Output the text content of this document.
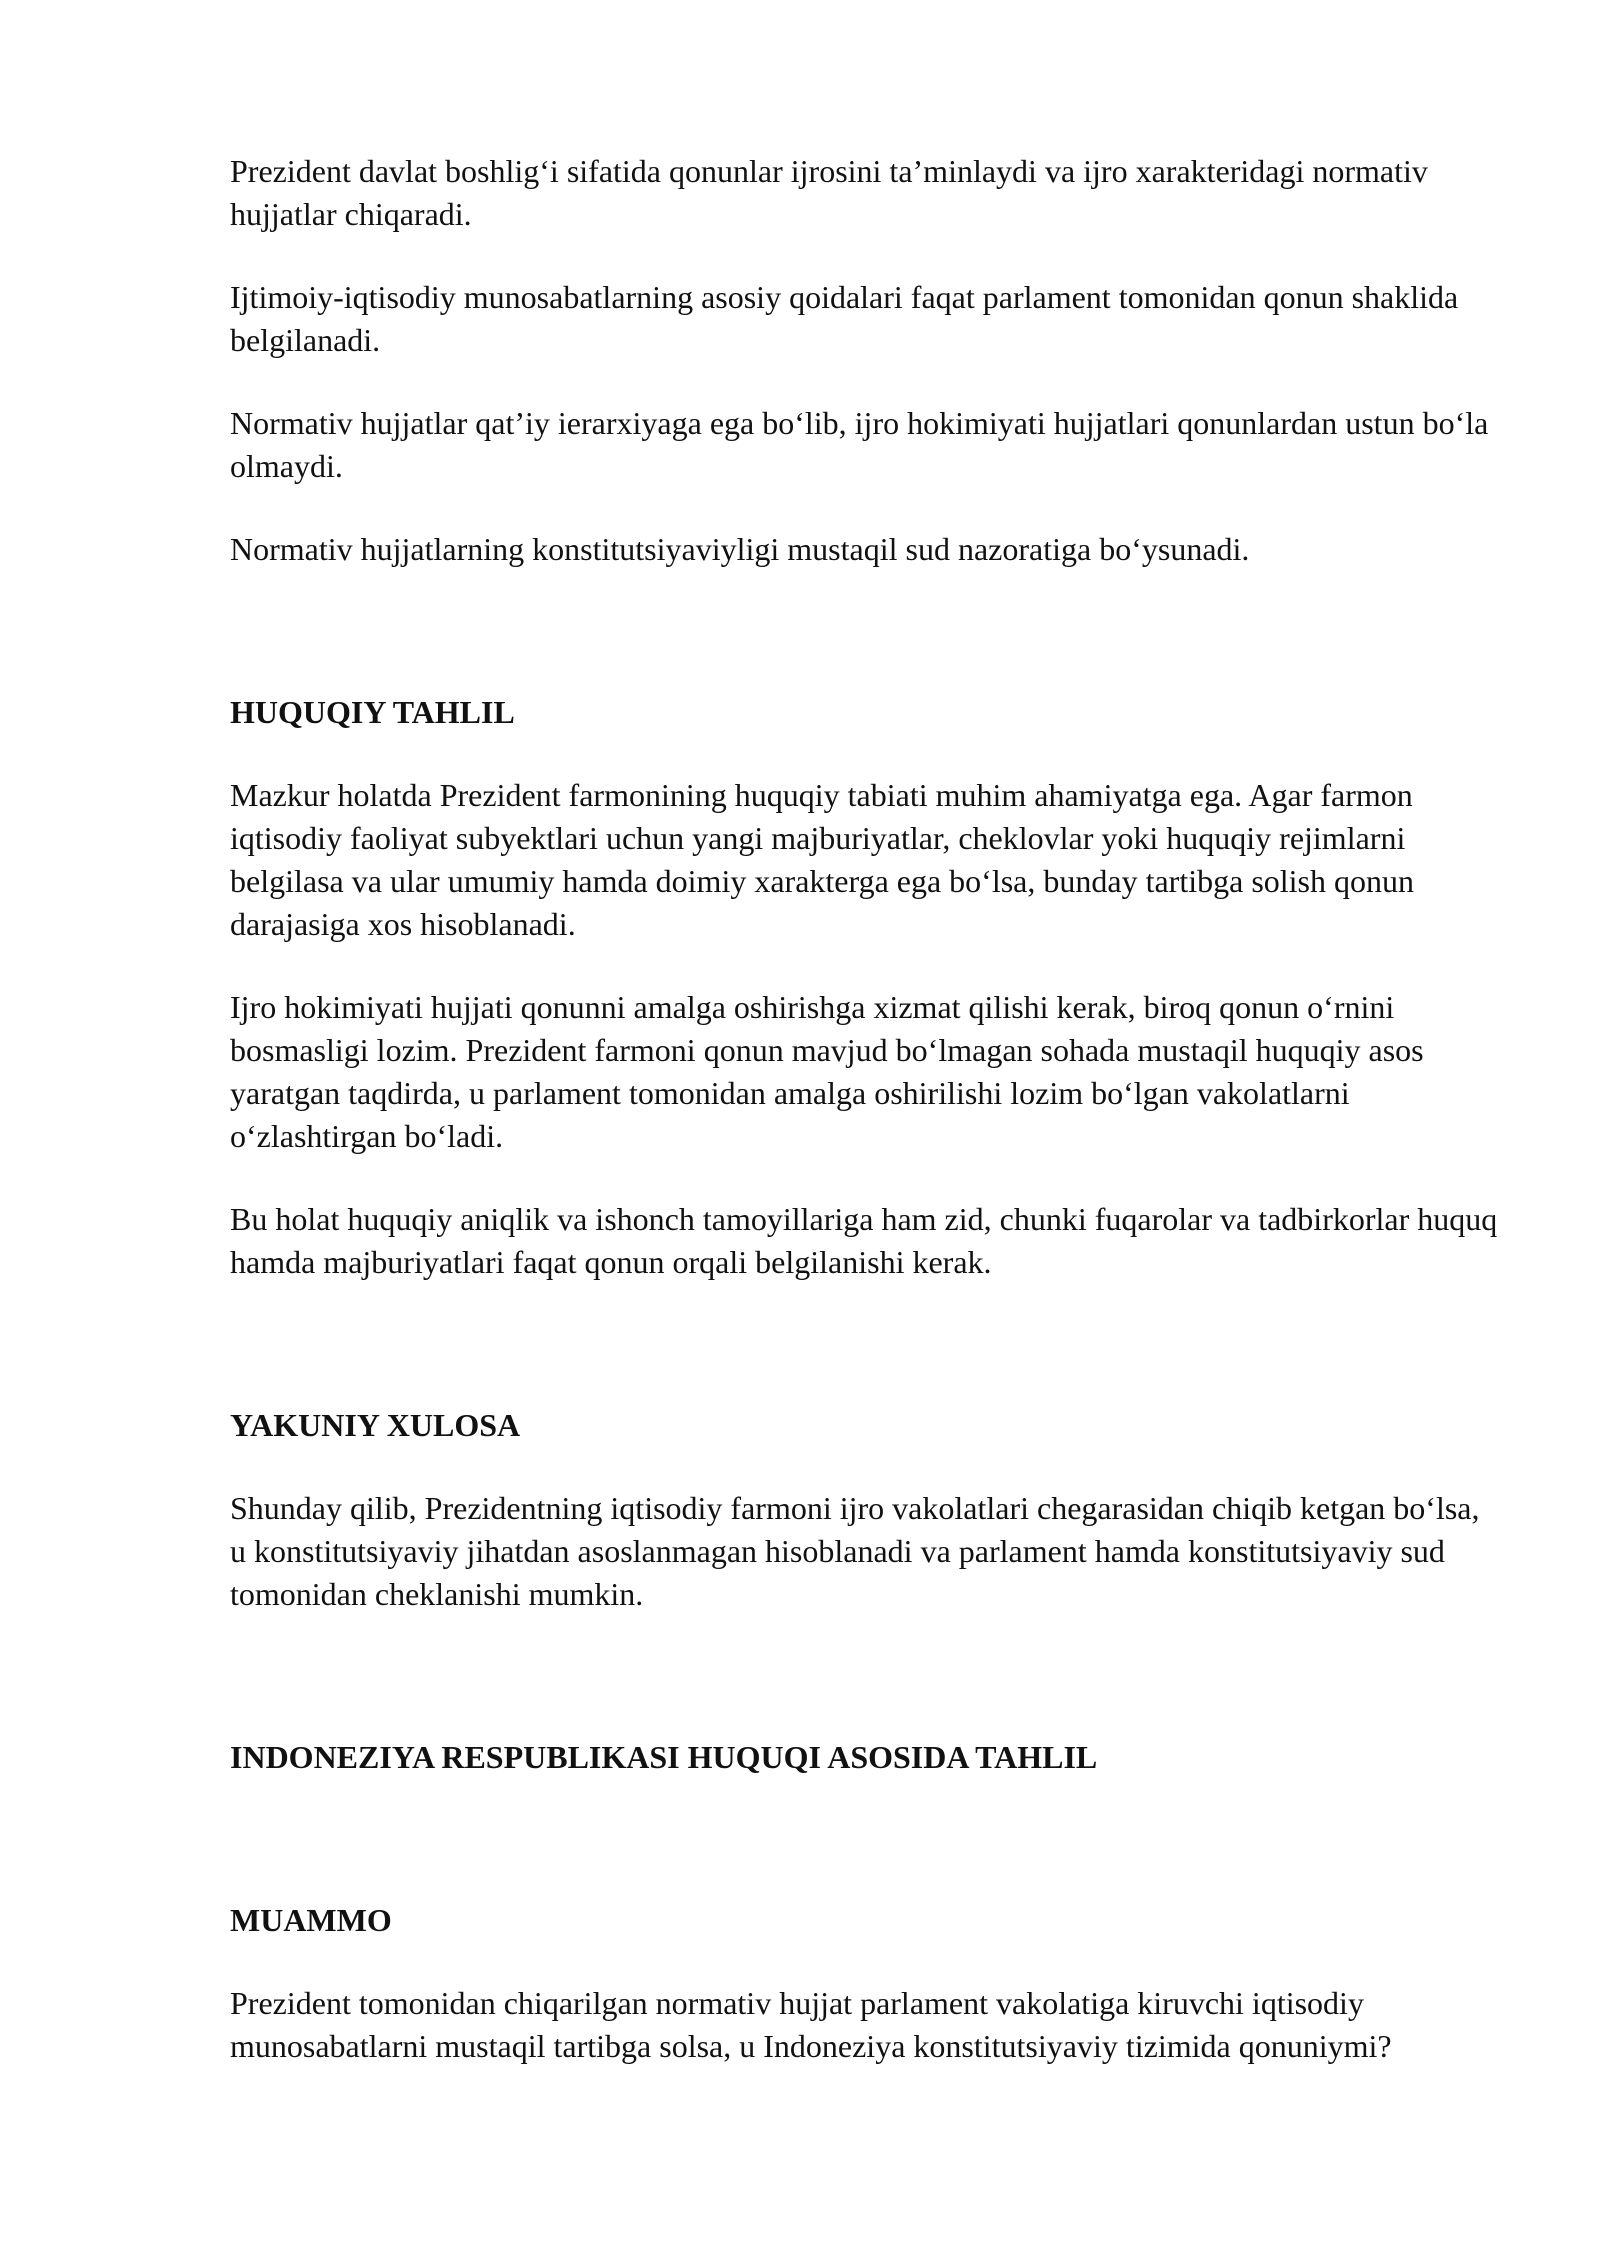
Prezident davlat boshlig‘i sifatida qonunlar ijrosini ta’minlaydi va ijro xarakteridagi normativ hujjatlar chiqaradi.

Ijtimoiy-iqtisodiy munosabatlarning asosiy qoidalari faqat parlament tomonidan qonun shaklida belgilanadi.

Normativ hujjatlar qat’iy ierarxiyaga ega bo‘lib, ijro hokimiyati hujjatlari qonunlardan ustun bo‘la olmaydi.

Normativ hujjatlarning konstitutsiyaviyligi mustaqil sud nazoratiga bo‘ysunadi.

HUQUQIY TAHLIL

Mazkur holatda Prezident farmonining huquqiy tabiati muhim ahamiyatga ega. Agar farmon iqtisodiy faoliyat subyektlari uchun yangi majburiyatlar, cheklovlar yoki huquqiy rejimlarni belgilasa va ular umumiy hamda doimiy xarakterga ega bo‘lsa, bunday tartibga solish qonun darajasiga xos hisoblanadi.

Ijro hokimiyati hujjati qonunni amalga oshirishga xizmat qilishi kerak, biroq qonun o‘rnini bosmasligi lozim. Prezident farmoni qonun mavjud bo‘lmagan sohada mustaqil huquqiy asos yaratgan taqdirda, u parlament tomonidan amalga oshirilishi lozim bo‘lgan vakolatlarni o‘zlashtirgan bo‘ladi.

Bu holat huquqiy aniqlik va ishonch tamoyillariga ham zid, chunki fuqarolar va tadbirkorlar huquq hamda majburiyatlari faqat qonun orqali belgilanishi kerak.

YAKUNIY XULOSA

Shunday qilib, Prezidentning iqtisodiy farmoni ijro vakolatlari chegarasidan chiqib ketgan bo‘lsa, u konstitutsiyaviy jihatdan asoslanmagan hisoblanadi va parlament hamda konstitutsiyaviy sud tomonidan cheklanishi mumkin.

INDONEZIYA RESPUBLIKASI HUQUQI ASOSIDA TAHLIL
MUAMMO

Prezident tomonidan chiqarilgan normativ hujjat parlament vakolatiga kiruvchi iqtisodiy munosabatlarni mustaqil tartibga solsa, u Indoneziya konstitutsiyaviy tizimida qonuniymi?
